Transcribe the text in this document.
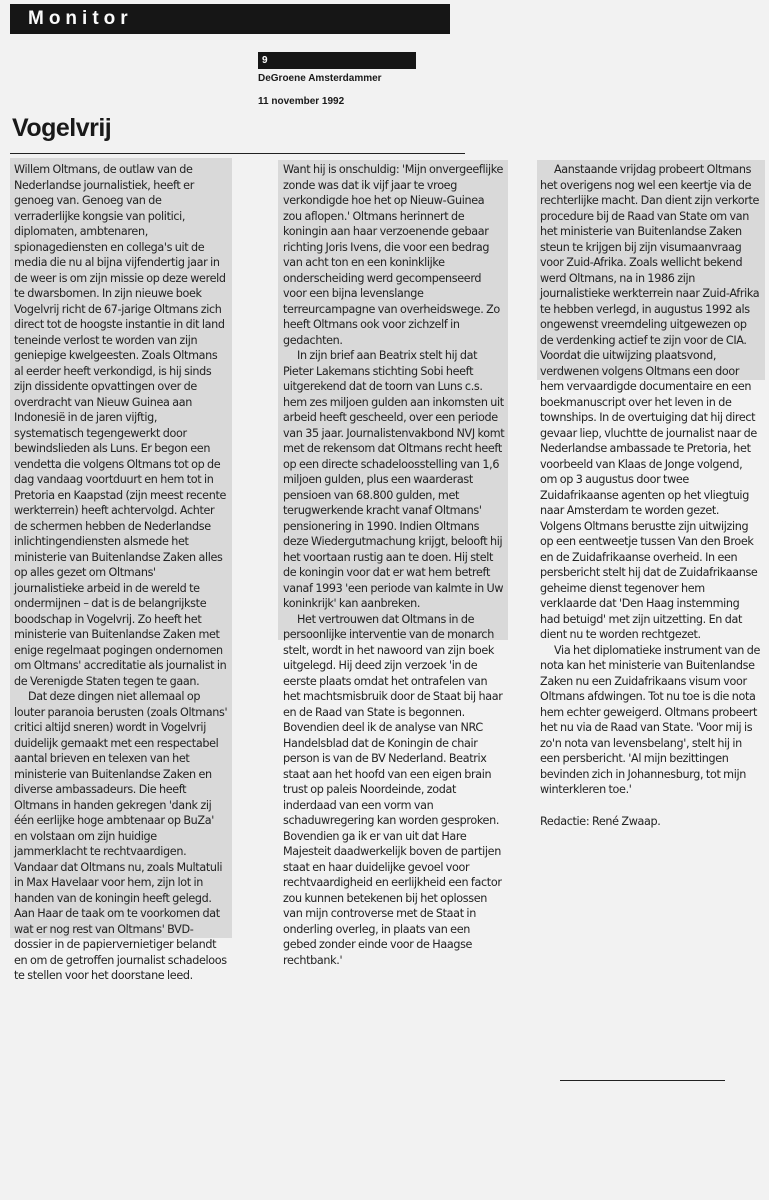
Monitor
9
DeGroene Amsterdammer
11 november 1992
Vogelvrij

Willem Oltmans, de outlaw van de Nederlandse journalistiek, heeft er genoeg van. Genoeg van de verraderlijke kongsie van politici, diplomaten, ambtenaren, spionagediensten en collega's uit de media die nu al bijna vijfendertig jaar in de weer is om zijn missie op deze wereld te dwarsbomen. In zijn nieuwe boek Vogelvrij richt de 67-jarige Oltmans zich direct tot de hoogste instantie in dit land teneinde verlost te worden van zijn geniepige kwelgeesten. Zoals Oltmans al eerder heeft verkondigd, is hij sinds zijn dissidente opvattingen over de overdracht van Nieuw Guinea aan Indonesië in de jaren vijftig, systematisch tegengewerkt door bewindslieden als Luns. Er begon een vendetta die volgens Oltmans tot op de dag vandaag voortduurt en hem tot in Pretoria en Kaapstad (zijn meest recente werkterrein) heeft achtervolgd. Achter de schermen hebben de Nederlandse inlichtingendiensten alsmede het ministerie van Buitenlandse Zaken alles op alles gezet om Oltmans' journalistieke arbeid in de wereld te ondermijnen – dat is de belangrijkste boodschap in Vogelvrij. Zo heeft het ministerie van Buitenlandse Zaken met enige regelmaat pogingen ondernomen om Oltmans' accreditatie als journalist in de Verenigde Staten tegen te gaan.

Dat deze dingen niet allemaal op louter paranoia berusten (zoals Oltmans' critici altijd sneren) wordt in Vogelvrij duidelijk gemaakt met een respectabel aantal brieven en telexen van het ministerie van Buitenlandse Zaken en diverse ambassadeurs. Die heeft Oltmans in handen gekregen 'dank zij één eerlijke hoge ambtenaar op BuZa' en volstaan om zijn huidige jammerklacht te rechtvaardigen. Vandaar dat Oltmans nu, zoals Multatuli in Max Havelaar voor hem, zijn lot in handen van de koningin heeft gelegd. Aan Haar de taak om te voorkomen dat wat er nog rest van Oltmans' BVD-dossier in de papiervernietiger belandt en om de getroffen journalist schadeloos te stellen voor het doorstane leed.

Want hij is onschuldig: 'Mijn onvergeeflijke zonde was dat ik vijf jaar te vroeg verkondigde hoe het op Nieuw-Guinea zou aflopen.' Oltmans herinnert de koningin aan haar verzoenende gebaar richting Joris Ivens, die voor een bedrag van acht ton en een koninklijke onderscheiding werd gecompenseerd voor een bijna levenslange terreurcampagne van overheidswege. Zo heeft Oltmans ook voor zichzelf in gedachten.

In zijn brief aan Beatrix stelt hij dat Pieter Lakemans stichting Sobi heeft uitgerekend dat de toorn van Luns c.s. hem zes miljoen gulden aan inkomsten uit arbeid heeft gescheeld, over een periode van 35 jaar. Journalistenvakbond NVJ komt met de rekensom dat Oltmans recht heeft op een directe schadeloosstelling van 1,6 miljoen gulden, plus een waarderast pensioen van 68.800 gulden, met terugwerkende kracht vanaf Oltmans' pensionering in 1990. Indien Oltmans deze Wiedergutmachung krijgt, belooft hij het voortaan rustig aan te doen. Hij stelt de koningin voor dat er wat hem betreft vanaf 1993 'een periode van kalmte in Uw koninkrijk' kan aanbreken.

Het vertrouwen dat Oltmans in de persoonlijke interventie van de monarch stelt, wordt in het nawoord van zijn boek uitgelegd. Hij deed zijn verzoek 'in de eerste plaats omdat het ontrafelen van het machtsmisbruik door de Staat bij haar en de Raad van State is begonnen. Bovendien deel ik de analyse van NRC Handelsblad dat de Koningin de chair person is van de BV Nederland. Beatrix staat aan het hoofd van een eigen brain trust op paleis Noordeinde, zodat inderdaad van een vorm van schaduwregering kan worden gesproken. Bovendien ga ik er van uit dat Hare Majesteit daadwerkelijk boven de partijen staat en haar duidelijke gevoel voor rechtvaardigheid en eerlijkheid een factor zou kunnen betekenen bij het oplossen van mijn controverse met de Staat in onderling overleg, in plaats van een gebed zonder einde voor de Haagse rechtbank.'

Aanstaande vrijdag probeert Oltmans het overigens nog wel een keertje via de rechterlijke macht. Dan dient zijn verkorte procedure bij de Raad van State om van het ministerie van Buitenlandse Zaken steun te krijgen bij zijn visumaanvraag voor Zuid-Afrika. Zoals wellicht bekend werd Oltmans, na in 1986 zijn journalistieke werkterrein naar Zuid-Afrika te hebben verlegd, in augustus 1992 als ongewenst vreemdeling uitgewezen op de verdenking actief te zijn voor de CIA. Voordat die uitwijzing plaatsvond, verdwenen volgens Oltmans een door hem vervaardigde documentaire en een boekmanuscript over het leven in de townships. In de overtuiging dat hij direct gevaar liep, vluchtte de journalist naar de Nederlandse ambassade te Pretoria, het voorbeeld van Klaas de Jonge volgend, om op 3 augustus door twee Zuidafrikaanse agenten op het vliegtuig naar Amsterdam te worden gezet. Volgens Oltmans berustte zijn uitwijzing op een eentweetje tussen Van den Broek en de Zuidafrikaanse overheid. In een persbericht stelt hij dat de Zuidafrikaanse geheime dienst tegenover hem verklaarde dat 'Den Haag instemming had betuigd' met zijn uitzetting. En dat dient nu te worden rechtgezet.

Via het diplomatieke instrument van de nota kan het ministerie van Buitenlandse Zaken nu een Zuidafrikaans visum voor Oltmans afdwingen. Tot nu toe is die nota hem echter geweigerd. Oltmans probeert het nu via de Raad van State. 'Voor mij is zo'n nota van levensbelang', stelt hij in een persbericht. 'Al mijn bezittingen bevinden zich in Johannesburg, tot mijn winterkleren toe.'

Redactie: René Zwaap.
